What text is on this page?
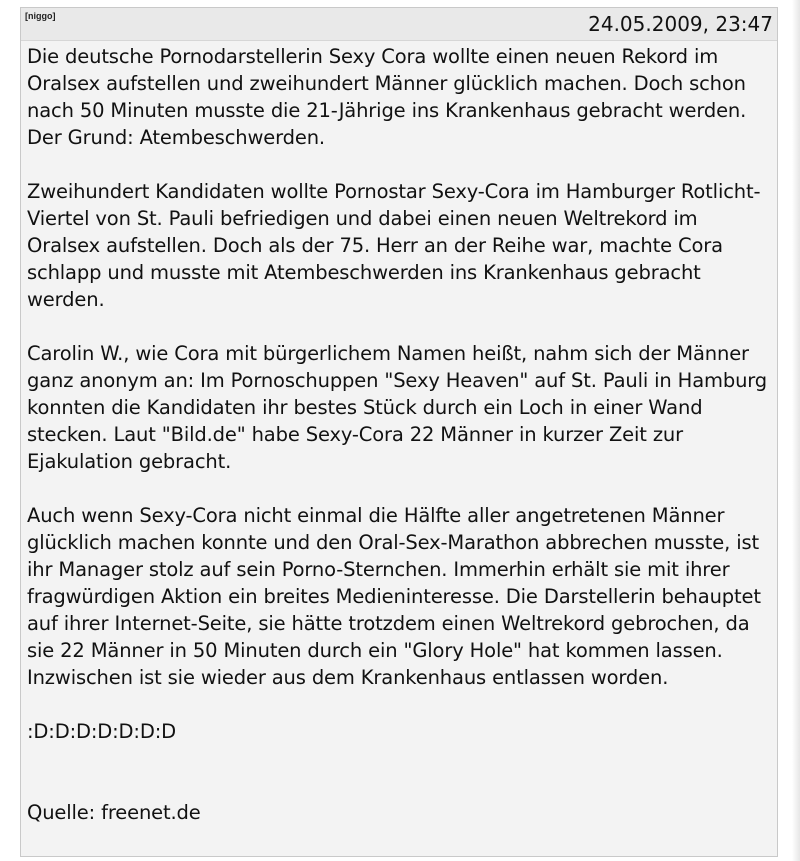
[niggo]	24.05.2009, 23:47

Die deutsche Pornodarstellerin Sexy Cora wollte einen neuen Rekord im Oralsex aufstellen und zweihundert Männer glücklich machen. Doch schon nach 50 Minuten musste die 21-Jährige ins Krankenhaus gebracht werden. Der Grund: Atembeschwerden.

Zweihundert Kandidaten wollte Pornostar Sexy-Cora im Hamburger Rotlicht-Viertel von St. Pauli befriedigen und dabei einen neuen Weltrekord im Oralsex aufstellen. Doch als der 75. Herr an der Reihe war, machte Cora schlapp und musste mit Atembeschwerden ins Krankenhaus gebracht werden.

Carolin W., wie Cora mit bürgerlichem Namen heißt, nahm sich der Männer ganz anonym an: Im Pornoschuppen "Sexy Heaven" auf St. Pauli in Hamburg konnten die Kandidaten ihr bestes Stück durch ein Loch in einer Wand stecken. Laut "Bild.de" habe Sexy-Cora 22 Männer in kurzer Zeit zur Ejakulation gebracht.

Auch wenn Sexy-Cora nicht einmal die Hälfte aller angetretenen Männer glücklich machen konnte und den Oral-Sex-Marathon abbrechen musste, ist ihr Manager stolz auf sein Porno-Sternchen. Immerhin erhält sie mit ihrer fragwürdigen Aktion ein breites Medieninteresse. Die Darstellerin behauptet auf ihrer Internet-Seite, sie hätte trotzdem einen Weltrekord gebrochen, da sie 22 Männer in 50 Minuten durch ein "Glory Hole" hat kommen lassen. Inzwischen ist sie wieder aus dem Krankenhaus entlassen worden.

:D:D:D:D:D:D:D

Quelle: freenet.de
